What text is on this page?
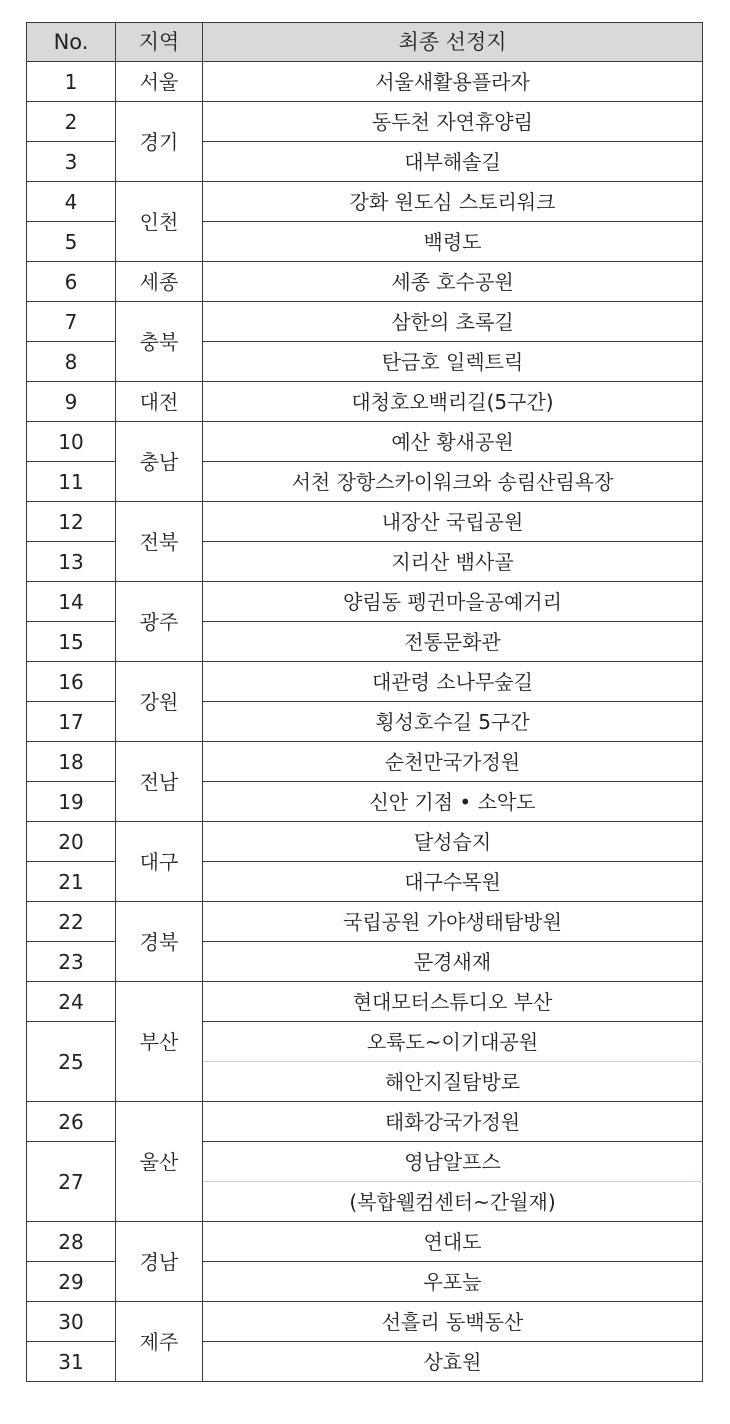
No.	지역	최종 선정지
1	서울	서울새활용플라자
2	경기	동두천 자연휴양림
3		대부해솔길
4	인천	강화 원도심 스토리워크
5		백령도
6	세종	세종 호수공원
7	충북	삼한의 초록길
8		탄금호 일렉트릭
9	대전	대청호오백리길(5구간)
10	충남	예산 황새공원
11		서천 장항스카이워크와 송림산림욕장
12	전북	내장산 국립공원
13		지리산 뱀사골
14	광주	양림동 펭귄마을공예거리
15		전통문화관
16	강원	대관령 소나무숲길
17		횡성호수길 5구간
18	전남	순천만국가정원
19		신안 기점 • 소악도
20	대구	달성습지
21		대구수목원
22	경북	국립공원 가야생태탐방원
23		문경새재
24	부산	현대모터스튜디오 부산
25		오륙도~이기대공원
		해안지질탐방로
26	울산	태화강국가정원
27		영남알프스
		(복합웰컴센터~간월재)
28	경남	연대도
29		우포늪
30	제주	선흘리 동백동산
31		상효원
